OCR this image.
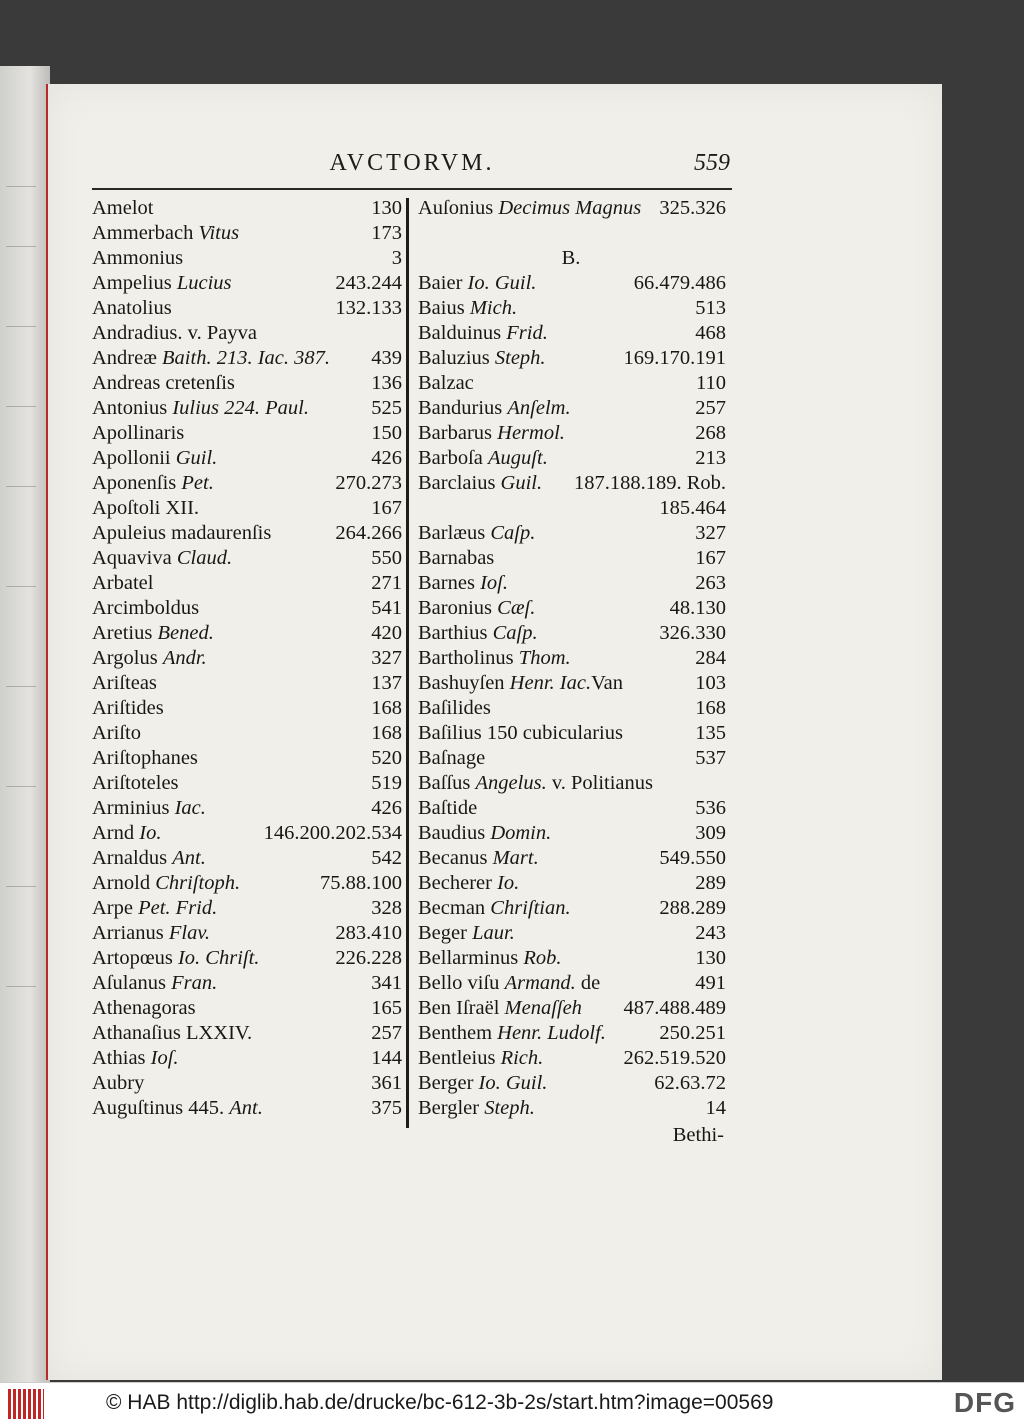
AVCTORVM.	559
Amelot	130
Ammerbach Vitus	173
Ammonius	3
Ampelius Lucius	243.244
Anatolius	132.133
Andradius. v. Payva
Andreæ Baith. 213. Iac. 387. 439
Andreas cretenſis	136
Antonius Iulius 224. Paul.	525
Apollinaris	150
Apollonii Guil.	426
Aponenſis Pet.	270.273
Apoſtoli XII.	167
Apuleius madaurenſis	264.266
Aquaviva Claud.	550
Arbatel	271
Arcimboldus	541
Aretius Bened.	420
Argolus Andr.	327
Ariſteas	137
Ariſtides	168
Ariſto	168
Ariſtophanes	520
Ariſtoteles	519
Arminius Iac.	426
Arnd Io.	146.200.202.534
Arnaldus Ant.	542
Arnold Chriſtoph.	75.88.100
Arpe Pet. Frid.	328
Arrianus Flav.	283.410
Artopœus Io. Chriſt.	226.228
Aſulanus Fran.	341
Athenagoras	165
Athanaſius LXXIV.	257
Athias Ioſ.	144
Aubry	361
Auguſtinus 445. Ant.	375
Auſonius Decimus Magnus 325.326
B.
Baier Io. Guil.	66.479.486
Baius Mich.	513
Balduinus Frid.	468
Baluzius Steph.	169.170.191
Balzac	110
Bandurius Anſelm.	257
Barbarus Hermol.	268
Barboſa Auguſt.	213
Barclaius Guil. 187.188.189. Rob.
185.464
Barlæus Caſp.	327
Barnabas	167
Barnes Ioſ.	263
Baronius Cæſ.	48.130
Barthius Caſp.	326.330
Bartholinus Thom.	284
Bashuyſen Henr. Iac.Van	103
Baſilides	168
Baſilius 150 cubicularius	135
Baſnage	537
Baſſus Angelus. v. Politianus
Baſtide	536
Baudius Domin.	309
Becanus Mart.	549.550
Becherer Io.	289
Becman Chriſtian.	288.289
Beger Laur.	243
Bellarminus Rob.	130
Bello viſu Armand. de	491
Ben Iſraël Menaſſeh 487.488.489
Benthem Henr. Ludolf.	250.251
Bentleius Rich.	262.519.520
Berger Io. Guil.	62.63.72
Bergler Steph.	14
Bethi-
© HAB http://diglib.hab.de/drucke/bc-612-3b-2s/start.htm?image=00569	DFG
